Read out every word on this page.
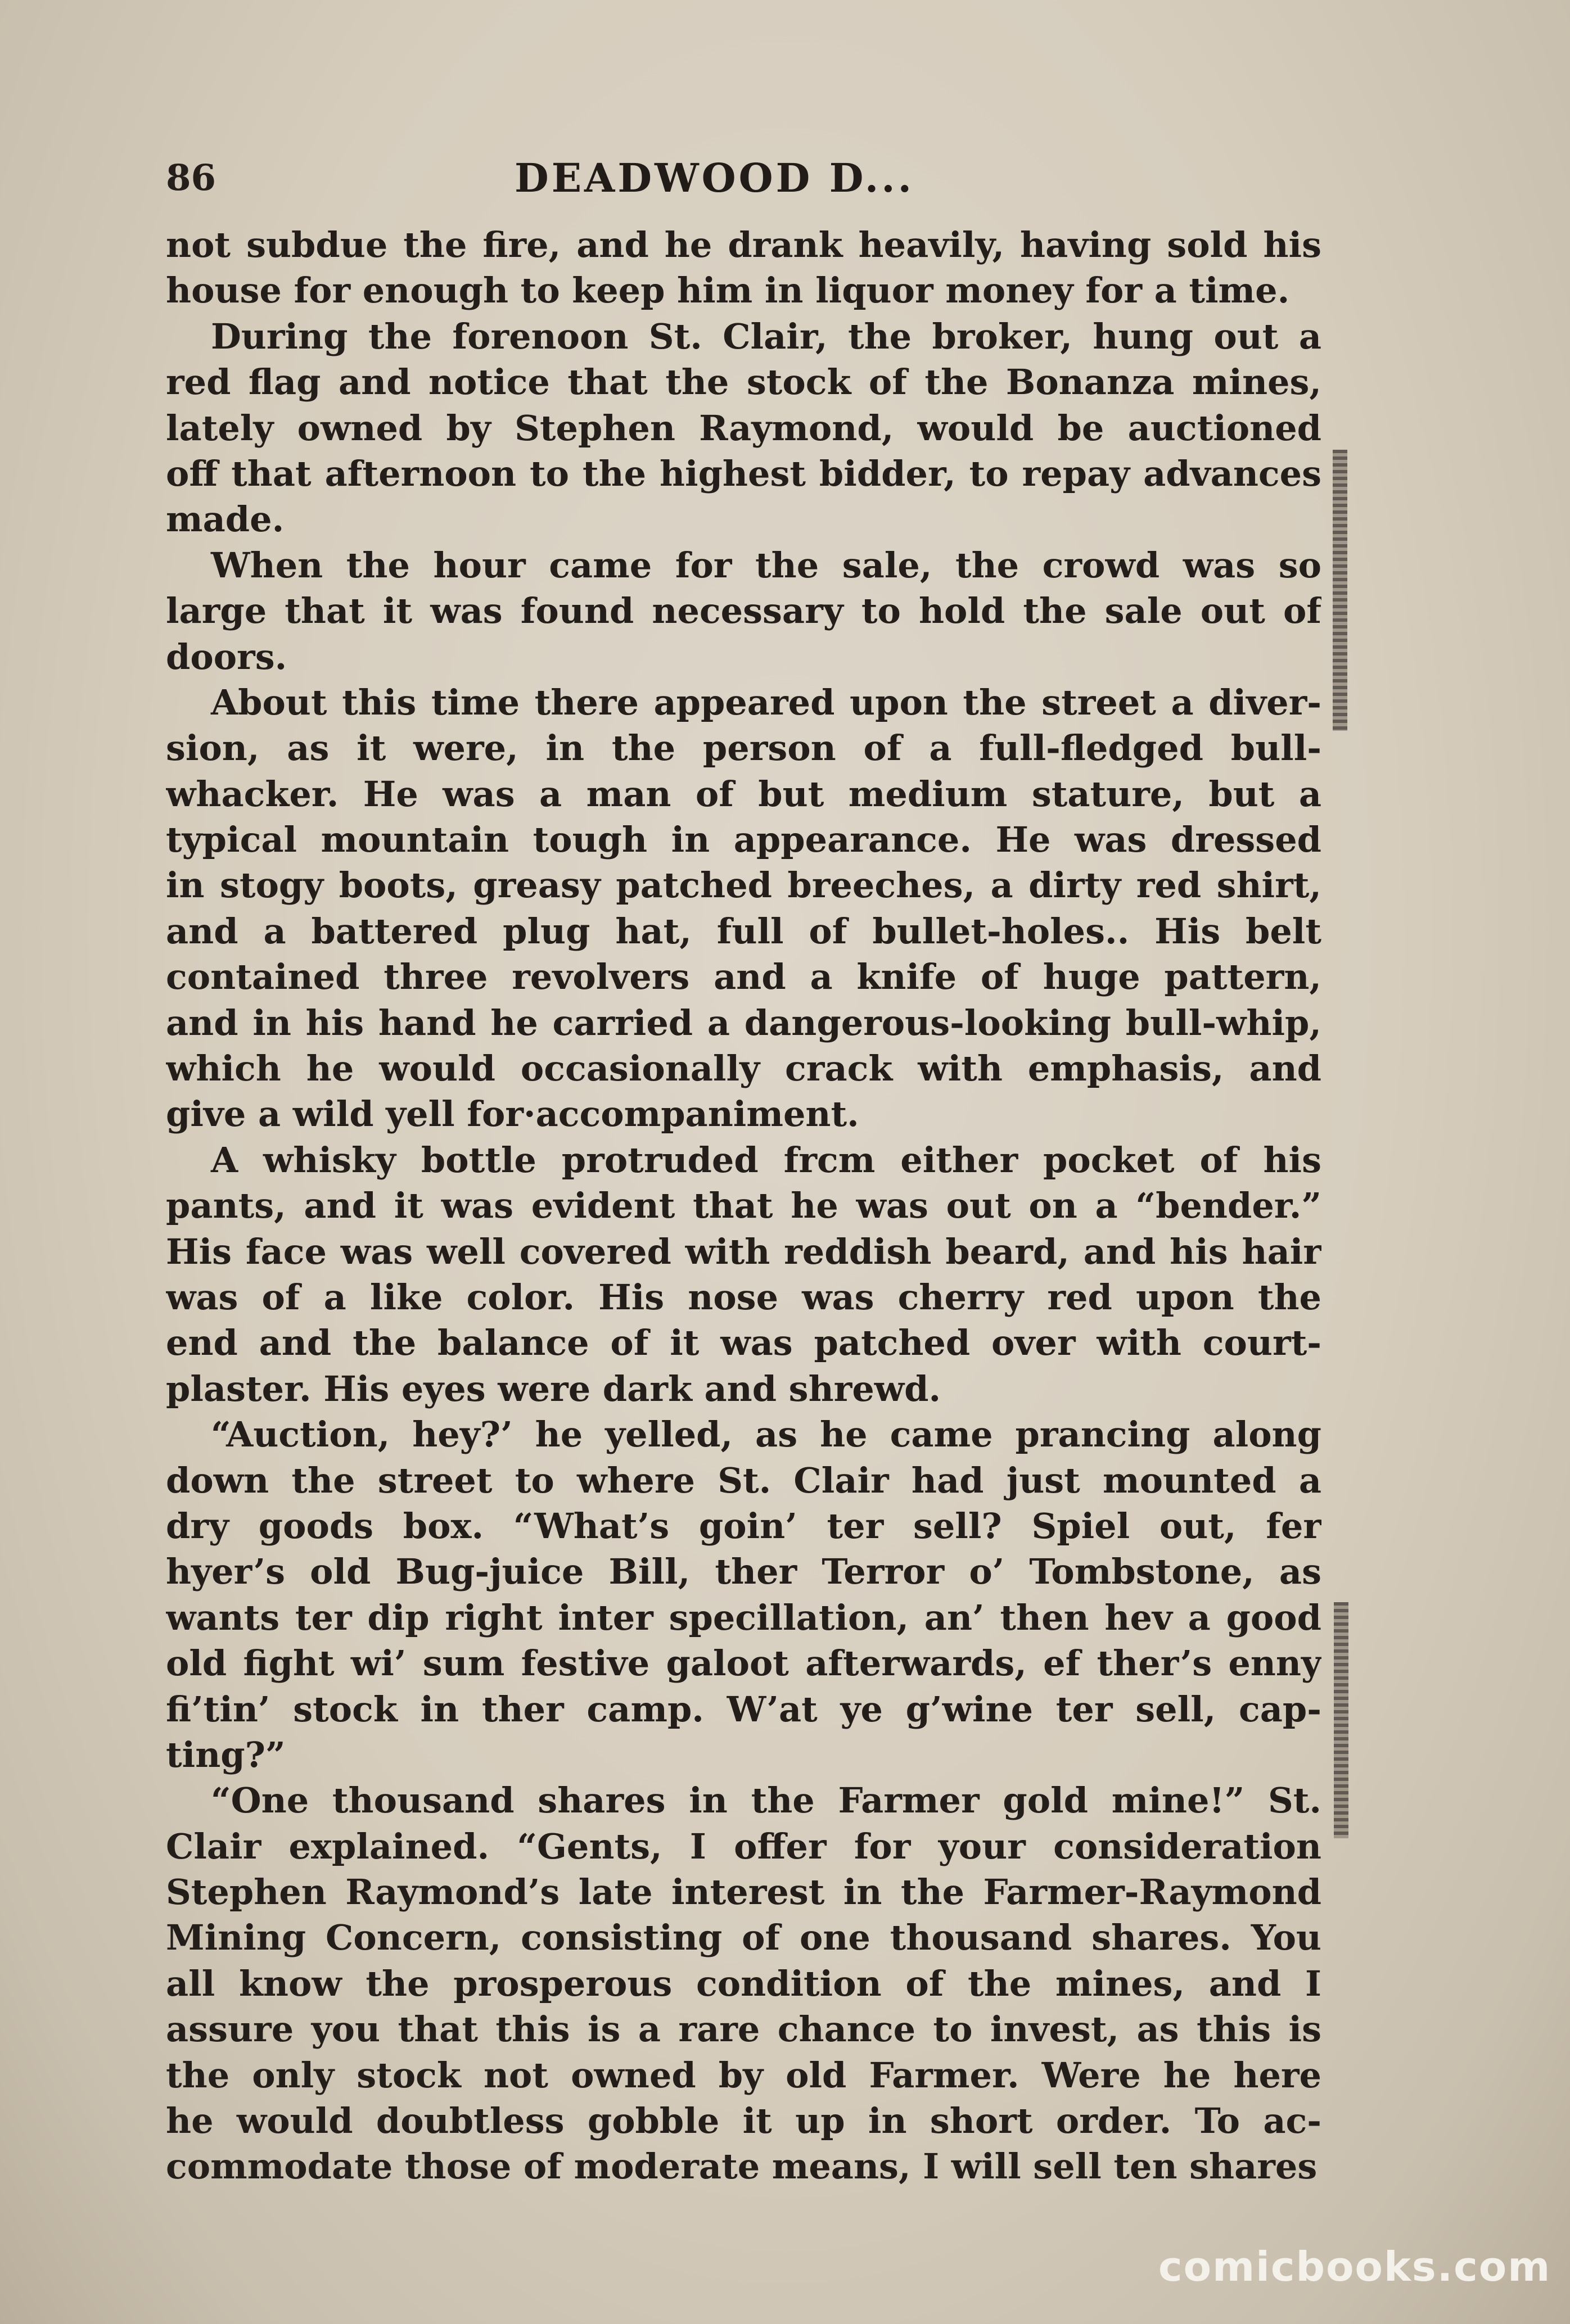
86	DEADWOOD D...
not subdue the fire, and he drank heavily, having sold his
house for enough to keep him in liquor money for a time.
During the forenoon St. Clair, the broker, hung out a
red flag and notice that the stock of the Bonanza mines,
lately owned by Stephen Raymond, would be auctioned
off that afternoon to the highest bidder, to repay advances
made.
When the hour came for the sale, the crowd was so
large that it was found necessary to hold the sale out of
doors.
About this time there appeared upon the street a diver-
sion, as it were, in the person of a full-fledged bull-
whacker. He was a man of but medium stature, but a
typical mountain tough in appearance. He was dressed
in stogy boots, greasy patched breeches, a dirty red shirt,
and a battered plug hat, full of bullet-holes.. His belt
contained three revolvers and a knife of huge pattern,
and in his hand he carried a dangerous-looking bull-whip,
which he would occasionally crack with emphasis, and
give a wild yell for·accompaniment.
A whisky bottle protruded frcm either pocket of his
pants, and it was evident that he was out on a “bender.”
His face was well covered with reddish beard, and his hair
was of a like color. His nose was cherry red upon the
end and the balance of it was patched over with court-
plaster. His eyes were dark and shrewd.
“Auction, hey?’ he yelled, as he came prancing along
down the street to where St. Clair had just mounted a
dry goods box. “What’s goin’ ter sell? Spiel out, fer
hyer’s old Bug-juice Bill, ther Terror o’ Tombstone, as
wants ter dip right inter specillation, an’ then hev a good
old fight wi’ sum festive galoot afterwards, ef ther’s enny
fi’tin’ stock in ther camp. W’at ye g’wine ter sell, cap-
ting?”
“One thousand shares in the Farmer gold mine!” St.
Clair explained. “Gents, I offer for your consideration
Stephen Raymond’s late interest in the Farmer-Raymond
Mining Concern, consisting of one thousand shares. You
all know the prosperous condition of the mines, and I
assure you that this is a rare chance to invest, as this is
the only stock not owned by old Farmer. Were he here
he would doubtless gobble it up in short order. To ac-
commodate those of moderate means, I will sell ten shares
comicbooks.com
